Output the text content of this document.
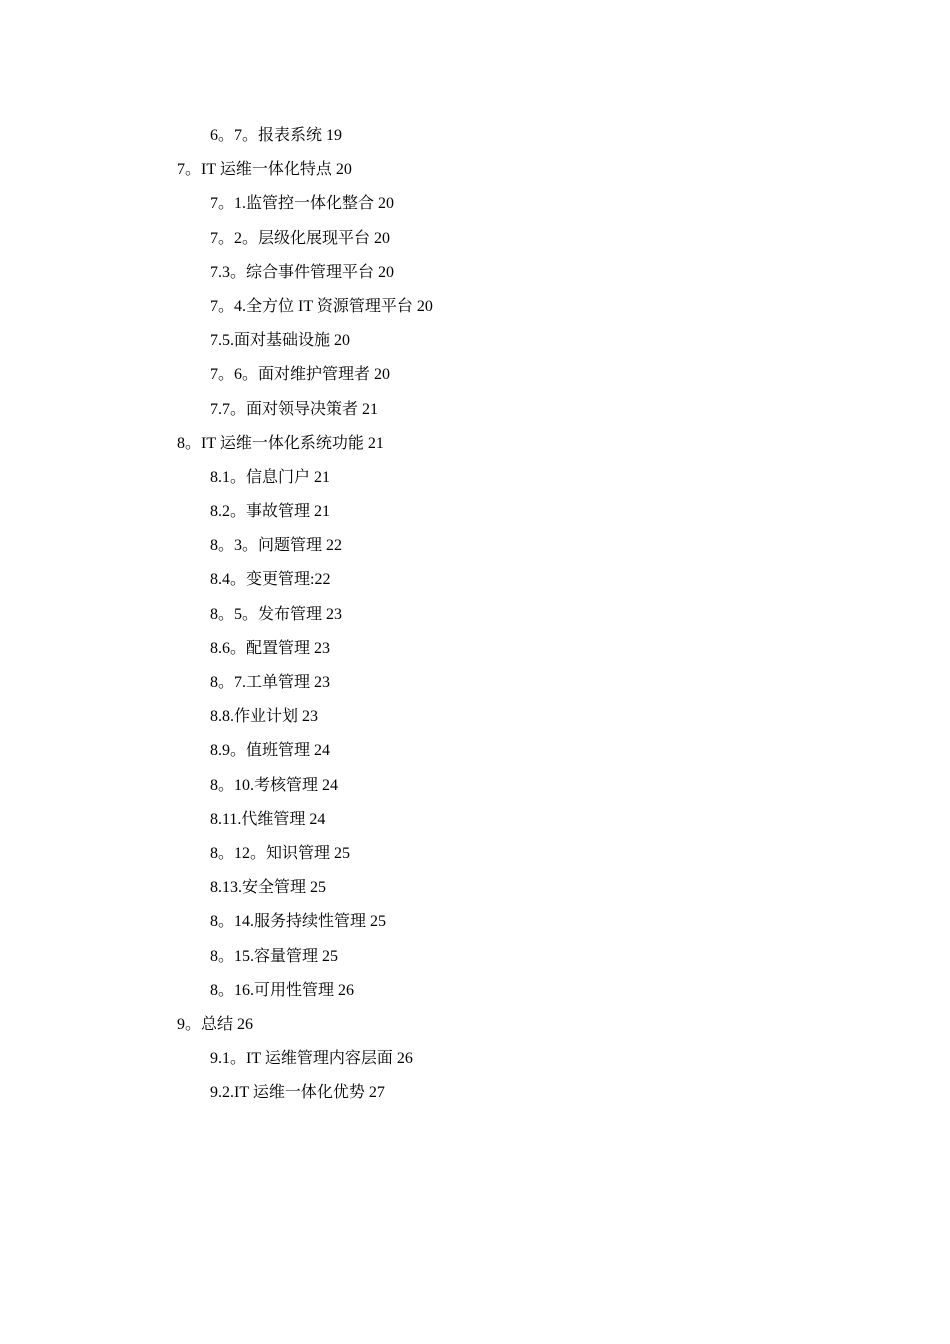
6。7。报表系统 19
7。IT 运维一体化特点 20
7。1.监管控一体化整合 20
7。2。层级化展现平台 20
7.3。综合事件管理平台 20
7。4.全方位 IT 资源管理平台 20
7.5.面对基础设施 20
7。6。面对维护管理者 20
7.7。面对领导决策者 21
8。IT 运维一体化系统功能 21
8.1。信息门户 21
8.2。事故管理 21
8。3。问题管理 22
8.4。变更管理:22
8。5。发布管理 23
8.6。配置管理 23
8。7.工单管理 23
8.8.作业计划 23
8.9。值班管理 24
8。10.考核管理 24
8.11.代维管理 24
8。12。知识管理 25
8.13.安全管理 25
8。14.服务持续性管理 25
8。15.容量管理 25
8。16.可用性管理 26
9。总结 26
9.1。IT 运维管理内容层面 26
9.2.IT 运维一体化优势 27
